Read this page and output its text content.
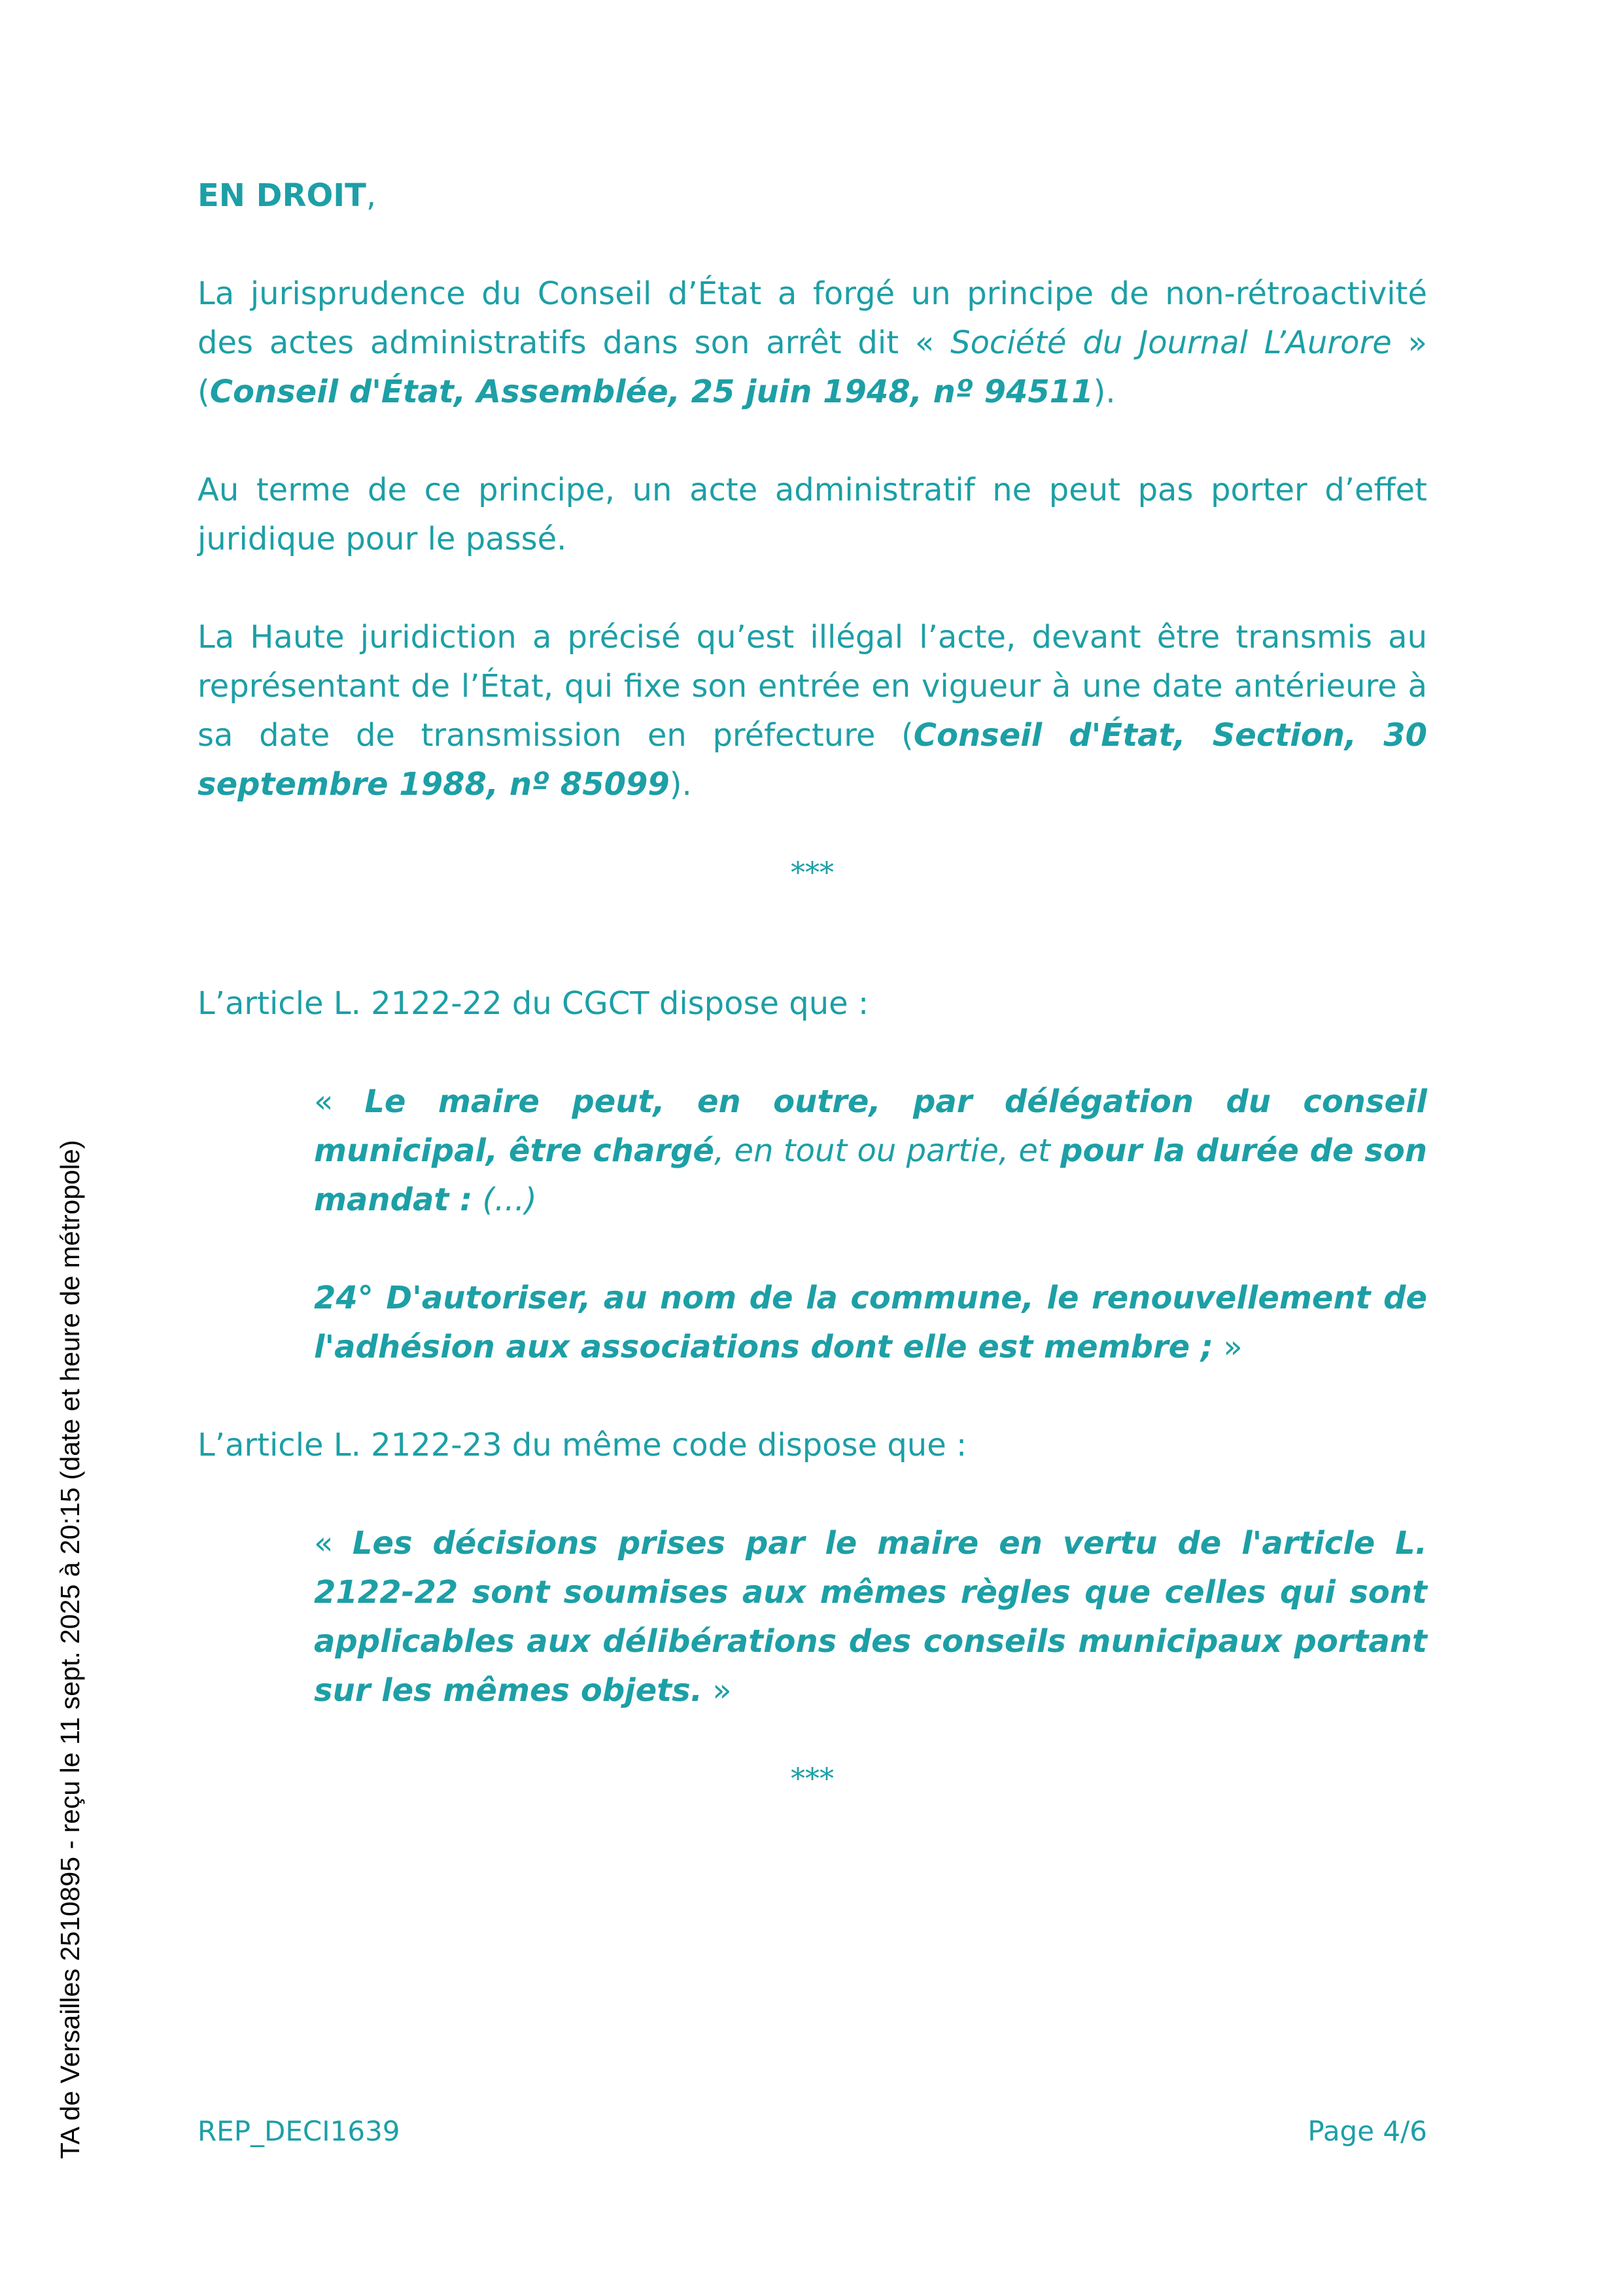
EN DROIT,

La jurisprudence du Conseil d’État a forgé un principe de non-rétroactivité des actes administratifs dans son arrêt dit « Société du Journal L’Aurore » (Conseil d'État, Assemblée, 25 juin 1948, nº 94511).

Au terme de ce principe, un acte administratif ne peut pas porter d’effet juridique pour le passé.

La Haute juridiction a précisé qu’est illégal l’acte, devant être transmis au représentant de l’État, qui fixe son entrée en vigueur à une date antérieure à sa date de transmission en préfecture (Conseil d'État, Section, 30 septembre 1988, nº 85099).

***

L’article L. 2122-22 du CGCT dispose que :

« Le maire peut, en outre, par délégation du conseil municipal, être chargé, en tout ou partie, et pour la durée de son mandat : (...)

24° D'autoriser, au nom de la commune, le renouvellement de l'adhésion aux associations dont elle est membre ; »

L’article L. 2122-23 du même code dispose que :

« Les décisions prises par le maire en vertu de l'article L. 2122-22 sont soumises aux mêmes règles que celles qui sont applicables aux délibérations des conseils municipaux portant sur les mêmes objets. »

***

REP_DECI1639	Page 4/6
TA de Versailles 2510895 - reçu le 11 sept. 2025 à 20:15 (date et heure de métropole)
